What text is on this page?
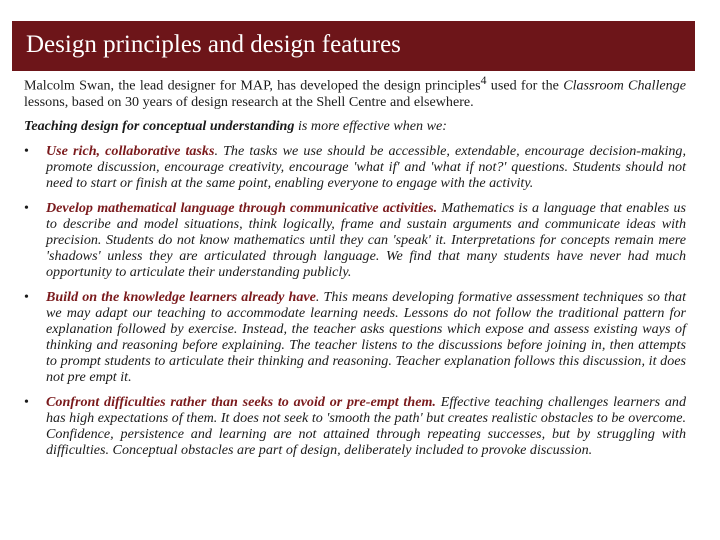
Design principles and design features

Malcolm Swan, the lead designer for MAP, has developed the design principles$^4$ used for the Classroom Challenge lessons, based on 30 years of design research at the Shell Centre and elsewhere.

Teaching design for conceptual understanding is more effective when we:

• Use rich, collaborative tasks. The tasks we use should be accessible, extendable, encourage decision-making, promote discussion, encourage creativity, encourage 'what if' and 'what if not?' questions. Students should not need to start or finish at the same point, enabling everyone to engage with the activity.
• Develop mathematical language through communicative activities. Mathematics is a language that enables us to describe and model situations, think logically, frame and sustain arguments and communicate ideas with precision. Students do not know mathematics until they can 'speak' it. Interpretations for concepts remain mere 'shadows' unless they are articulated through language. We find that many students have never had much opportunity to articulate their understanding publicly.
• Build on the knowledge learners already have. This means developing formative assessment techniques so that we may adapt our teaching to accommodate learning needs. Lessons do not follow the traditional pattern for explanation followed by exercise. Instead, the teacher asks questions which expose and assess existing ways of thinking and reasoning before explaining. The teacher listens to the discussions before joining in, then attempts to prompt students to articulate their thinking and reasoning. Teacher explanation follows this discussion, it does not pre empt it.
• Confront difficulties rather than seeks to avoid or pre-empt them. Effective teaching challenges learners and has high expectations of them. It does not seek to 'smooth the path' but creates realistic obstacles to be overcome. Confidence, persistence and learning are not attained through repeating successes, but by struggling with difficulties. Conceptual obstacles are part of design, deliberately included to provoke discussion.
